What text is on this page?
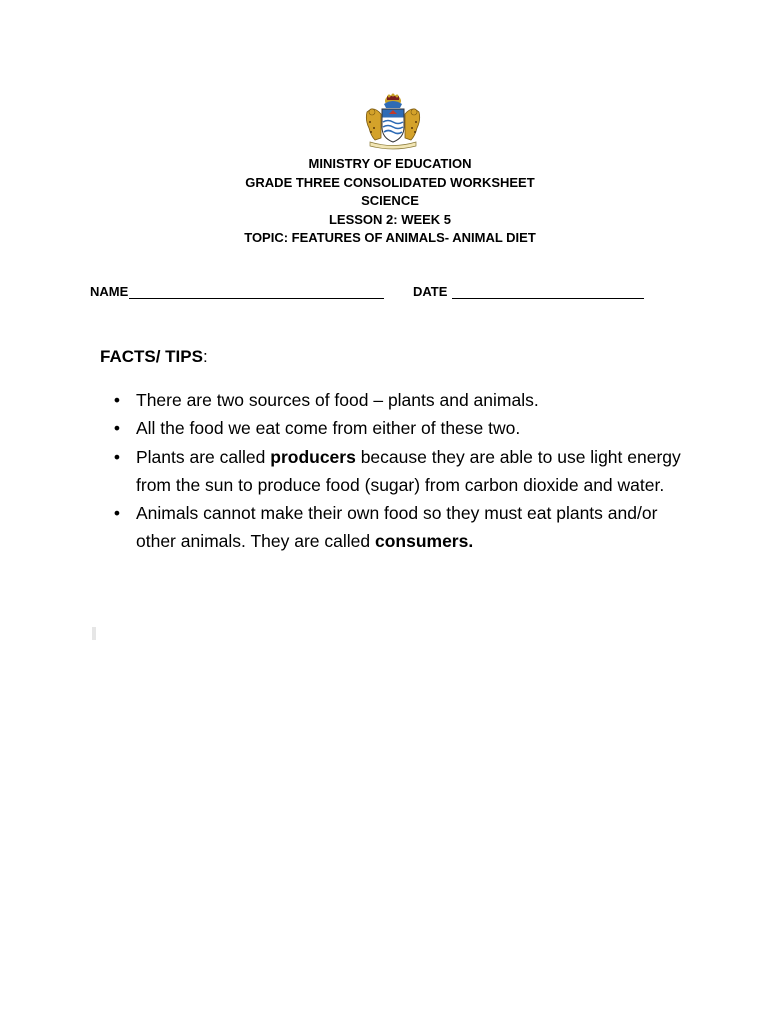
MINISTRY OF EDUCATION
GRADE THREE CONSOLIDATED WORKSHEET
SCIENCE
LESSON 2: WEEK 5
TOPIC: FEATURES OF ANIMALS- ANIMAL DIET
NAME	DATE
FACTS/ TIPS:
• There are two sources of food – plants and animals.
• All the food we eat come from either of these two.
• Plants are called producers because they are able to use light energy from the sun to produce food (sugar) from carbon dioxide and water.
• Animals cannot make their own food so they must eat plants and/or other animals. They are called consumers.
